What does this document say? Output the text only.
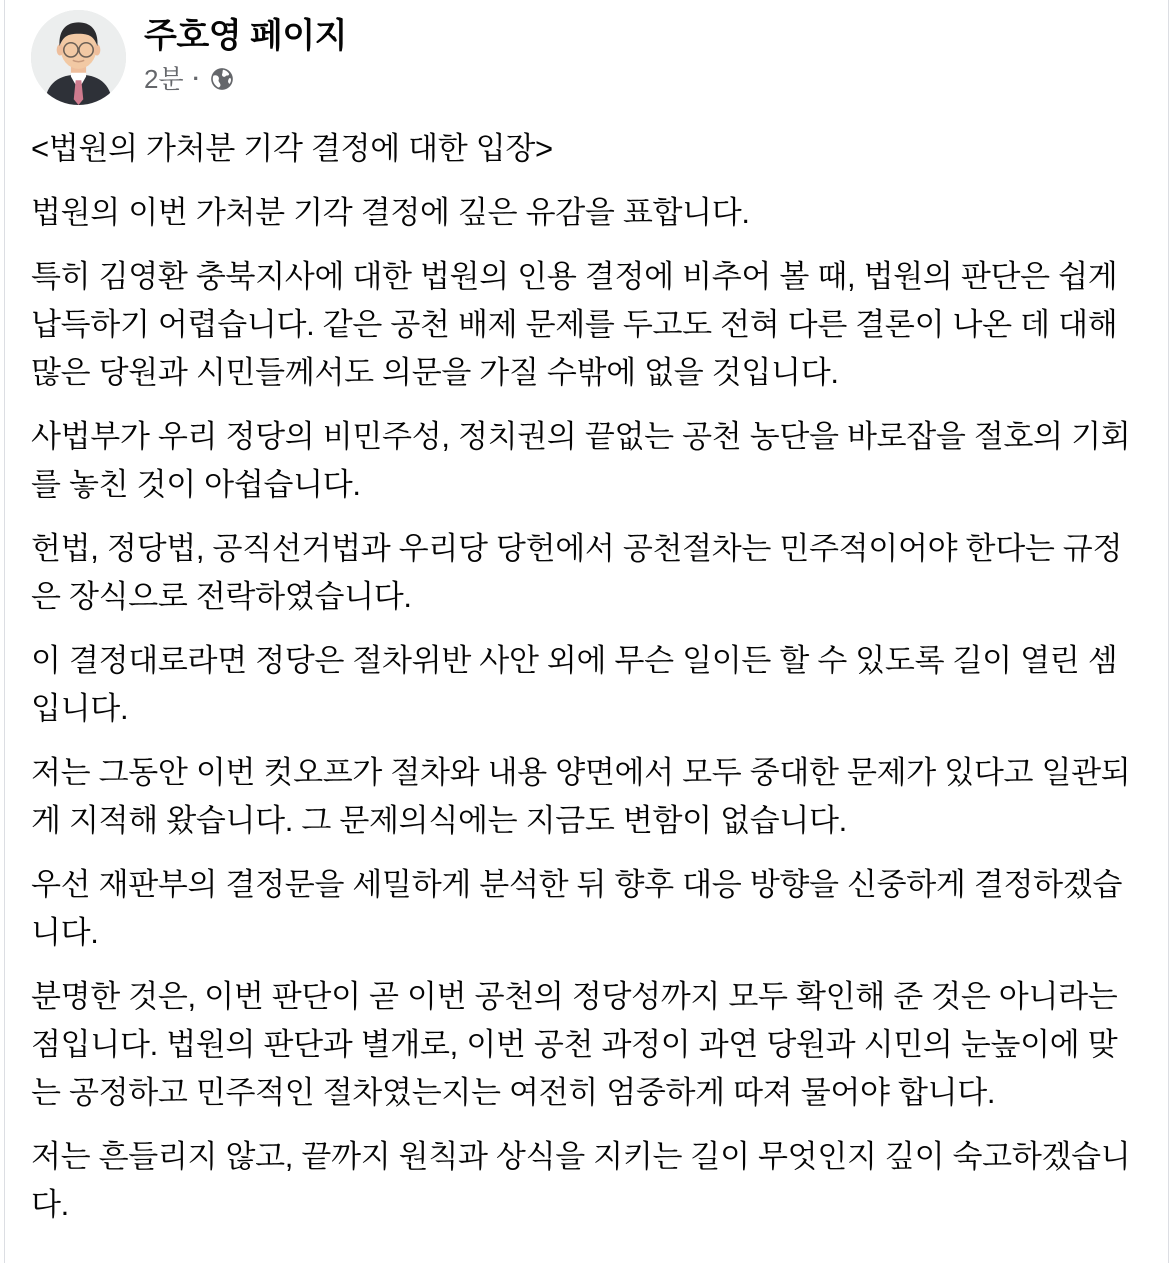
주호영 페이지
2분 ·

<법원의 가처분 기각 결정에 대한 입장>

법원의 이번 가처분 기각 결정에 깊은 유감을 표합니다.

특히 김영환 충북지사에 대한 법원의 인용 결정에 비추어 볼 때, 법원의 판단은 쉽게 납득하기 어렵습니다. 같은 공천 배제 문제를 두고도 전혀 다른 결론이 나온 데 대해 많은 당원과 시민들께서도 의문을 가질 수밖에 없을 것입니다.

사법부가 우리 정당의 비민주성, 정치권의 끝없는 공천 농단을 바로잡을 절호의 기회를 놓친 것이 아쉽습니다.

헌법, 정당법, 공직선거법과 우리당 당헌에서 공천절차는 민주적이어야 한다는 규정은 장식으로 전락하였습니다.

이 결정대로라면 정당은 절차위반 사안 외에 무슨 일이든 할 수 있도록 길이 열린 셈입니다.

저는 그동안 이번 컷오프가 절차와 내용 양면에서 모두 중대한 문제가 있다고 일관되게 지적해 왔습니다. 그 문제의식에는 지금도 변함이 없습니다.

우선 재판부의 결정문을 세밀하게 분석한 뒤 향후 대응 방향을 신중하게 결정하겠습니다.

분명한 것은, 이번 판단이 곧 이번 공천의 정당성까지 모두 확인해 준 것은 아니라는 점입니다. 법원의 판단과 별개로, 이번 공천 과정이 과연 당원과 시민의 눈높이에 맞는 공정하고 민주적인 절차였는지는 여전히 엄중하게 따져 물어야 합니다.

저는 흔들리지 않고, 끝까지 원칙과 상식을 지키는 길이 무엇인지 깊이 숙고하겠습니다.
